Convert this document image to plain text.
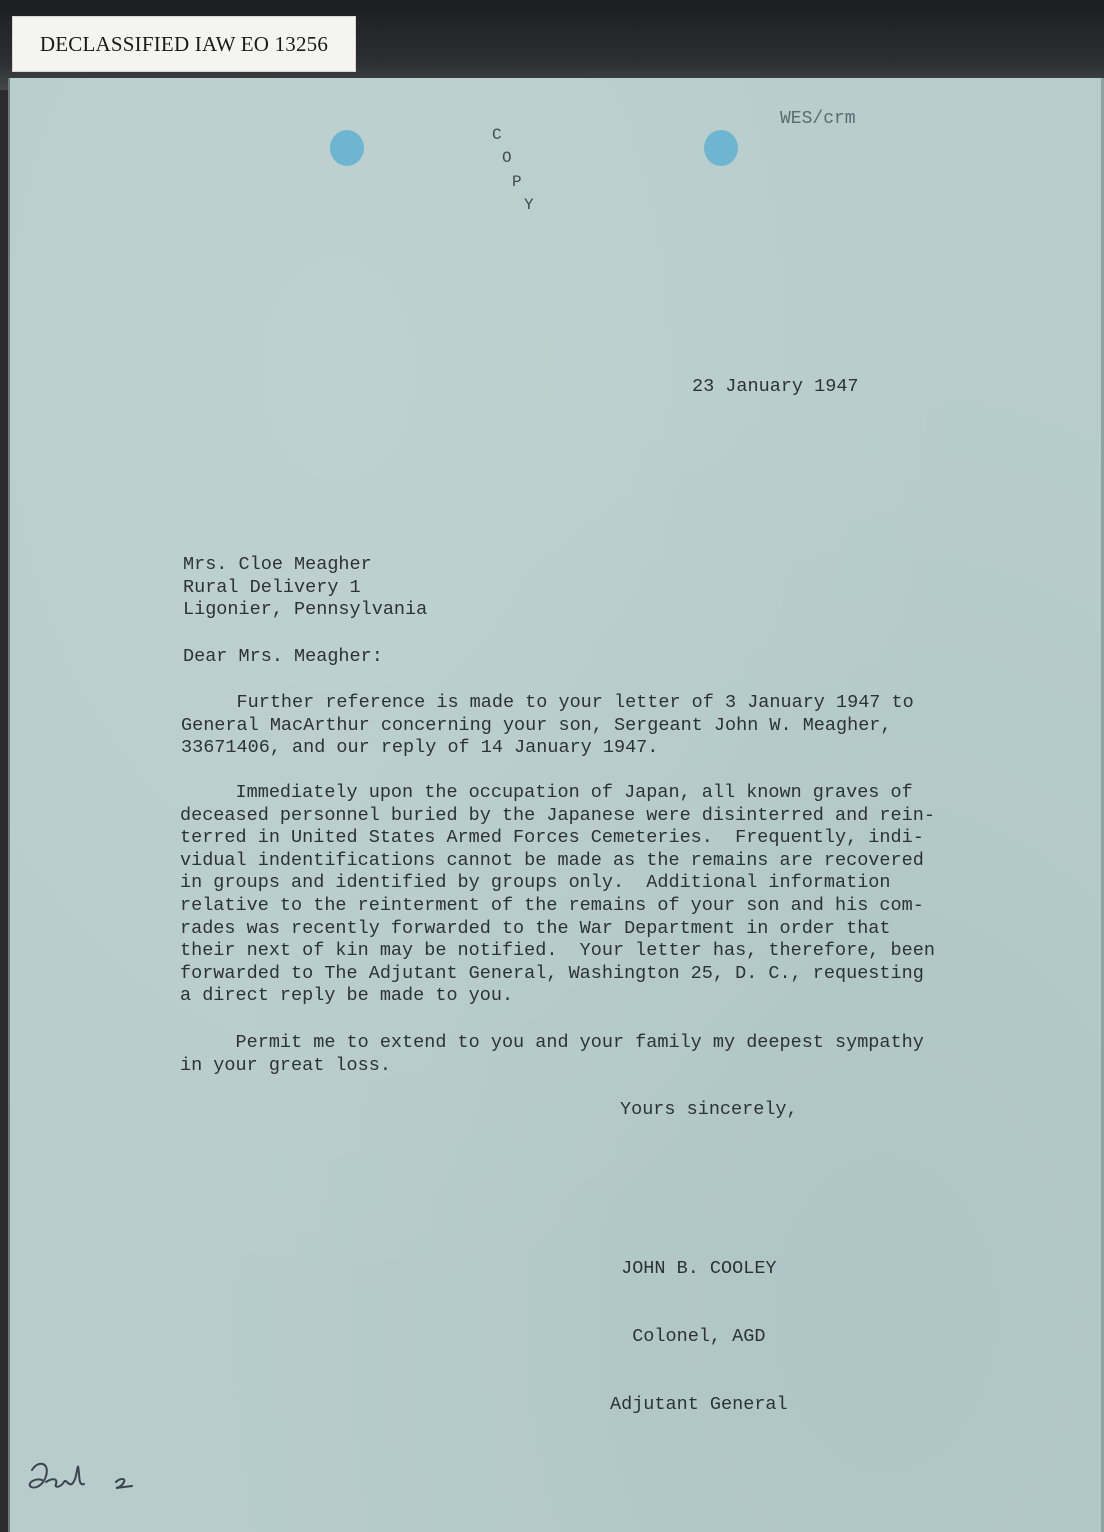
DECLASSIFIED IAW EO 13256
C
O
P
Y
WES/crm
23 January 1947
Mrs. Cloe Meagher
Rural Delivery 1
Ligonier, Pennsylvania
Dear Mrs. Meagher:
Further reference is made to your letter of 3 January 1947 to
General MacArthur concerning your son, Sergeant John W. Meagher,
33671406, and our reply of 14 January 1947.
Immediately upon the occupation of Japan, all known graves of
deceased personnel buried by the Japanese were disinterred and rein-
terred in United States Armed Forces Cemeteries.  Frequently, indi-
vidual indentifications cannot be made as the remains are recovered
in groups and identified by groups only.  Additional information
relative to the reinterment of the remains of your son and his com-
rades was recently forwarded to the War Department in order that
their next of kin may be notified.  Your letter has, therefore, been
forwarded to The Adjutant General, Washington 25, D. C., requesting
a direct reply be made to you.
Permit me to extend to you and your family my deepest sympathy
in your great loss.
Yours sincerely,

JOHN B. COOLEY

Colonel, AGD

Adjutant General
